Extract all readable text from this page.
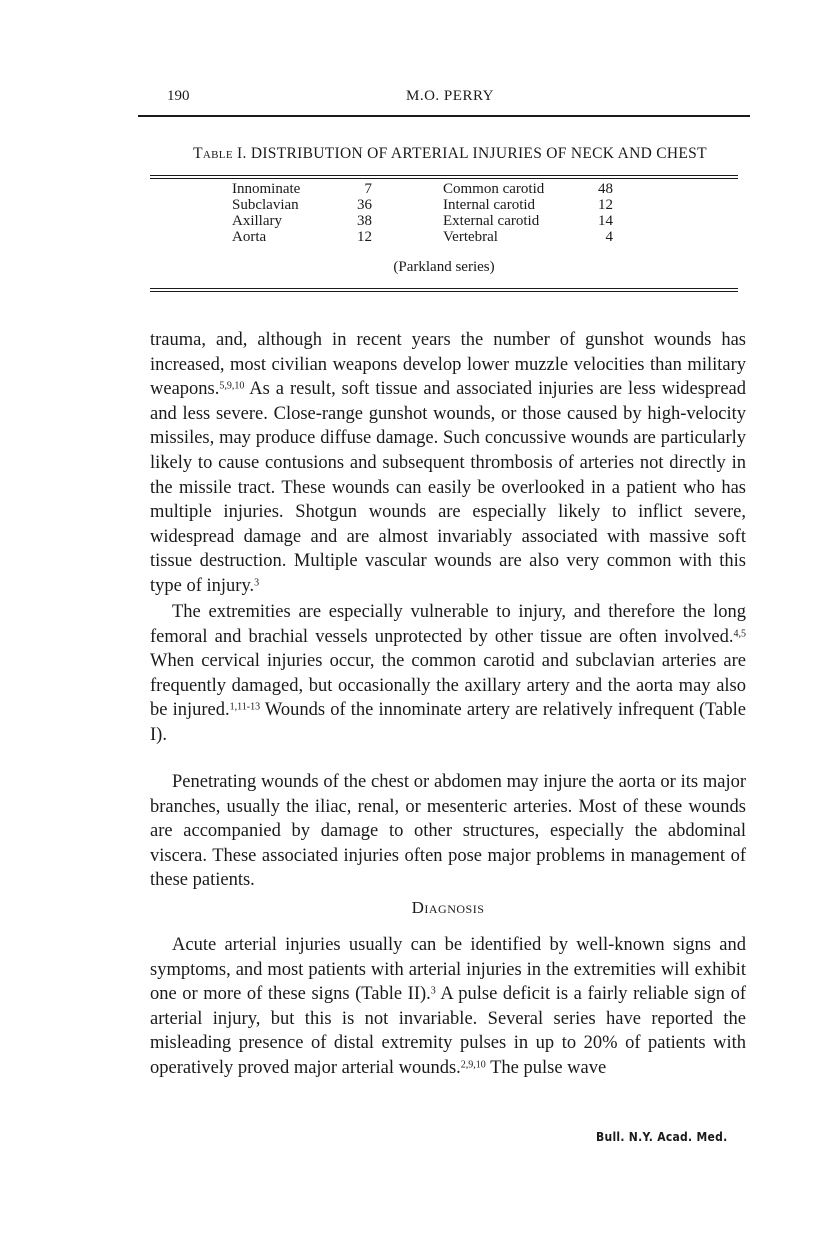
190	M.O. PERRY
Table I. DISTRIBUTION OF ARTERIAL INJURIES OF NECK AND CHEST
Innominate	7	Common carotid	48
Subclavian	36	Internal carotid	12
Axillary	38	External carotid	14
Aorta	12	Vertebral	4
(Parkland series)

trauma, and, although in recent years the number of gunshot wounds has increased, most civilian weapons develop lower muzzle velocities than military weapons.$^{5,9,10}$ As a result, soft tissue and associated injuries are less widespread and less severe. Close-range gunshot wounds, or those caused by high-velocity missiles, may produce diffuse damage. Such concussive wounds are particularly likely to cause contusions and subsequent thrombosis of arteries not directly in the missile tract. These wounds can easily be overlooked in a patient who has multiple injuries. Shotgun wounds are especially likely to inflict severe, widespread damage and are almost invariably associated with massive soft tissue destruction. Multiple vascular wounds are also very common with this type of injury.$^3$

The extremities are especially vulnerable to injury, and therefore the long femoral and brachial vessels unprotected by other tissue are often involved.$^{4,5}$ When cervical injuries occur, the common carotid and subclavian arteries are frequently damaged, but occasionally the axillary artery and the aorta may also be injured.$^{1,11-13}$ Wounds of the innominate artery are relatively infrequent (Table I).

Penetrating wounds of the chest or abdomen may injure the aorta or its major branches, usually the iliac, renal, or mesenteric arteries. Most of these wounds are accompanied by damage to other structures, especially the abdominal viscera. These associated injuries often pose major problems in management of these patients.

Diagnosis

Acute arterial injuries usually can be identified by well-known signs and symptoms, and most patients with arterial injuries in the extremities will exhibit one or more of these signs (Table II).$^3$ A pulse deficit is a fairly reliable sign of arterial injury, but this is not invariable. Several series have reported the misleading presence of distal extremity pulses in up to 20% of patients with operatively proved major arterial wounds.$^{2,9,10}$ The pulse wave

Bull. N.Y. Acad. Med.
